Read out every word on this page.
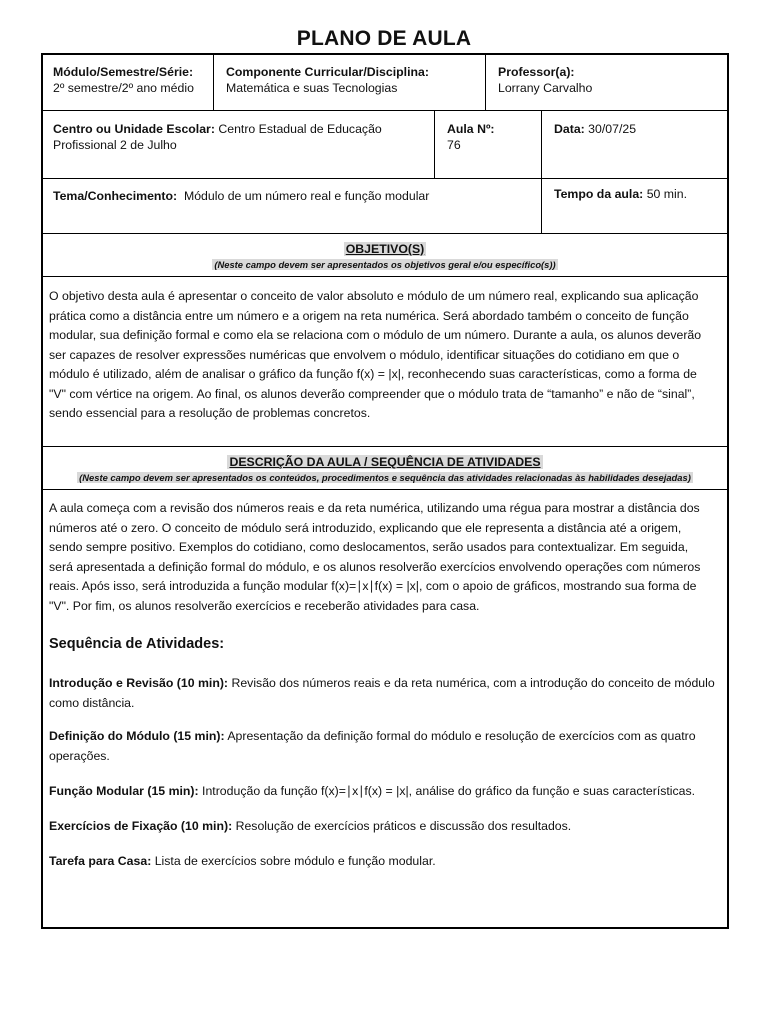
PLANO DE AULA
Módulo/Semestre/Série:
2º semestre/2º ano médio
Componente Curricular/Disciplina:
Matemática e suas Tecnologias
Professor(a):
Lorrany Carvalho
Centro ou Unidade Escolar: Centro Estadual de Educação
Profissional 2 de Julho
Aula Nº:
76
Data: 30/07/25
Tema/Conhecimento: Módulo de um número real e função modular	Tempo da aula: 50 min.
OBJETIVO(S)
(Neste campo devem ser apresentados os objetivos geral e/ou específico(s))
O objetivo desta aula é apresentar o conceito de valor absoluto e módulo de um número real, explicando sua aplicação
prática como a distância entre um número e a origem na reta numérica. Será abordado também o conceito de função
modular, sua definição formal e como ela se relaciona com o módulo de um número. Durante a aula, os alunos deverão
ser capazes de resolver expressões numéricas que envolvem o módulo, identificar situações do cotidiano em que o
módulo é utilizado, além de analisar o gráfico da função f(x) = |x|, reconhecendo suas características, como a forma de
"V" com vértice na origem. Ao final, os alunos deverão compreender que o módulo trata de “tamanho” e não de “sinal”,
sendo essencial para a resolução de problemas concretos.
DESCRIÇÃO DA AULA / SEQUÊNCIA DE ATIVIDADES
(Neste campo devem ser apresentados os conteúdos, procedimentos e sequência das atividades relacionadas às habilidades desejadas)
A aula começa com a revisão dos números reais e da reta numérica, utilizando uma régua para mostrar a distância dos
números até o zero. O conceito de módulo será introduzido, explicando que ele representa a distância até a origem,
sendo sempre positivo. Exemplos do cotidiano, como deslocamentos, serão usados para contextualizar. Em seguida,
será apresentada a definição formal do módulo, e os alunos resolverão exercícios envolvendo operações com números
reais. Após isso, será introduzida a função modular f(x)=∣x∣f(x) = |x|, com o apoio de gráficos, mostrando sua forma de
"V". Por fim, os alunos resolverão exercícios e receberão atividades para casa.
Sequência de Atividades:
Introdução e Revisão (10 min): Revisão dos números reais e da reta numérica, com a introdução do conceito de módulo
como distância.
Definição do Módulo (15 min): Apresentação da definição formal do módulo e resolução de exercícios com as quatro
operações.
Função Modular (15 min): Introdução da função f(x)=∣x∣f(x) = |x|, análise do gráfico da função e suas características.
Exercícios de Fixação (10 min): Resolução de exercícios práticos e discussão dos resultados.
Tarefa para Casa: Lista de exercícios sobre módulo e função modular.
